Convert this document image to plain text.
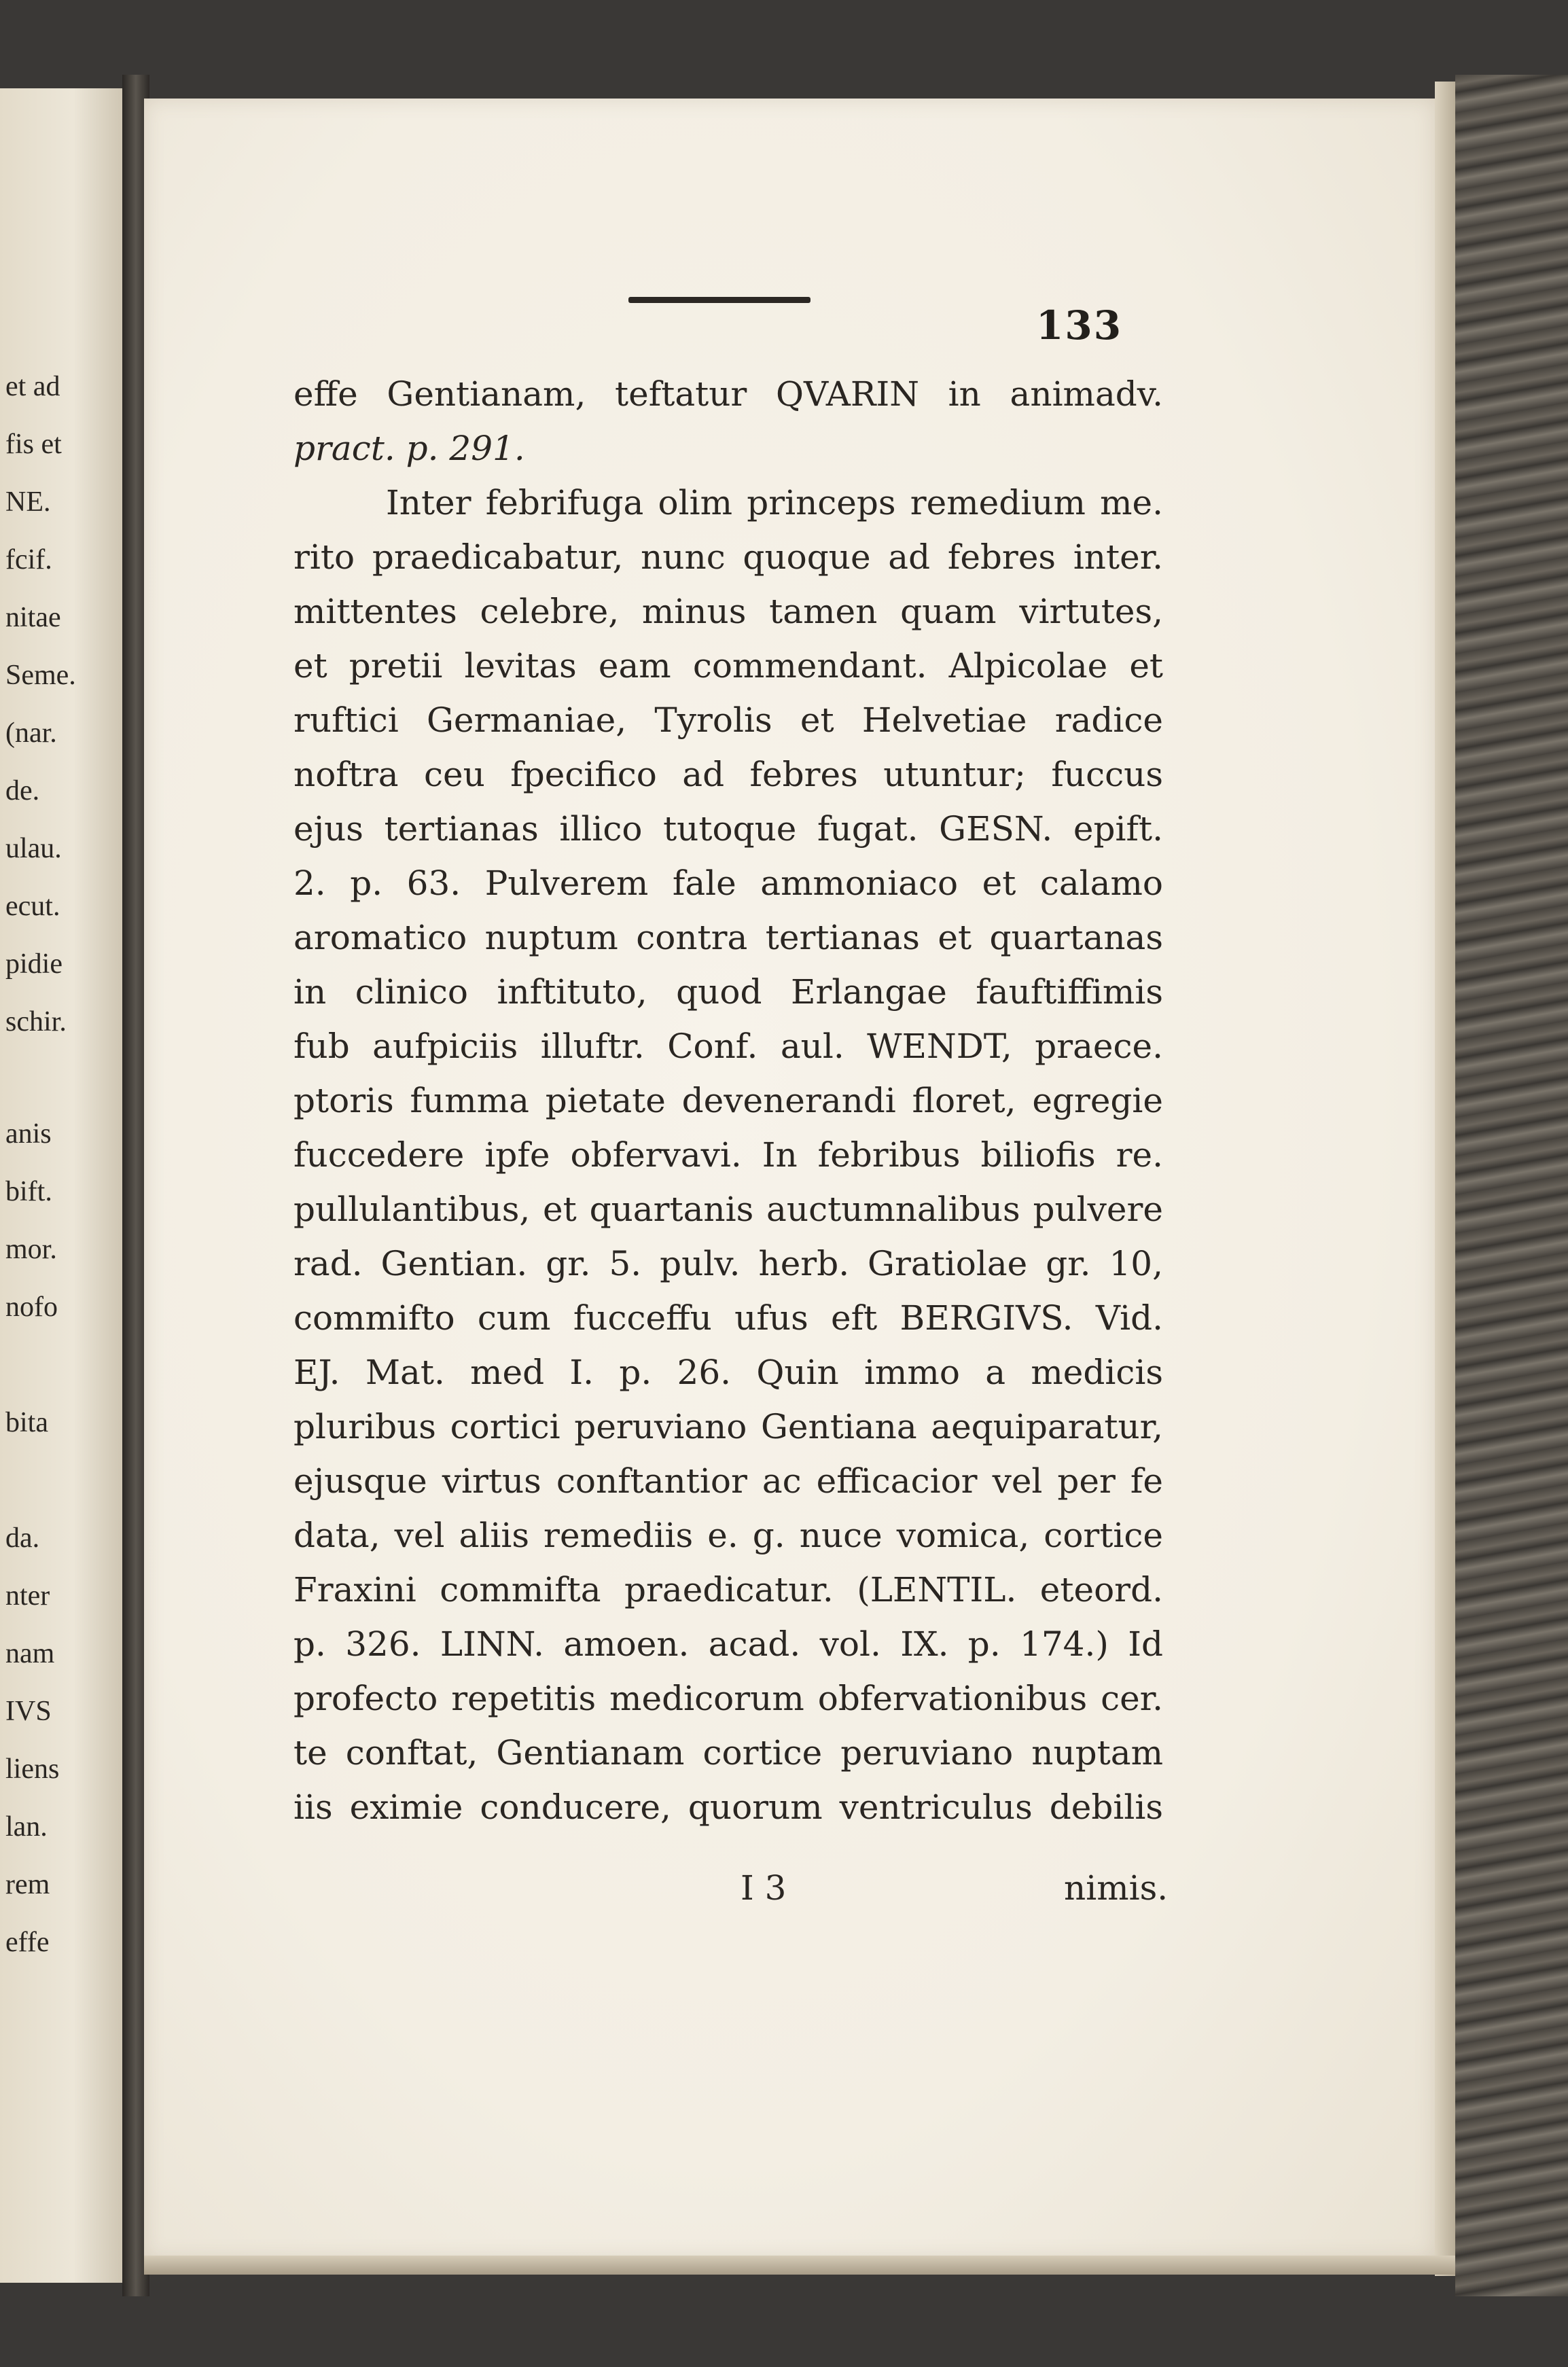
et ad
fis et
NE.
fcif.
nitae
Seme.
(nar.
de.
ulau.
ecut.
pidie
schir.
anis
bift.
mor.
nofo
bita
da.
nter
nam
IVS
liens
lan.
rem
effe
133

effe Gentianam, teftatur QVARIN in animadv.

pract. p. 291.

Inter febrifuga olim princeps remedium me.

rito praedicabatur, nunc quoque ad febres inter.

mittentes celebre, minus tamen quam virtutes,

et pretii levitas eam commendant. Alpicolae et

ruftici Germaniae, Tyrolis et Helvetiae radice

noftra ceu fpecifico ad febres utuntur; fuccus

ejus tertianas illico tutoque fugat. GESN. epift.

2. p. 63. Pulverem fale ammoniaco et calamo

aromatico nuptum contra tertianas et quartanas

in clinico inftituto, quod Erlangae fauftiffimis

fub aufpiciis illuftr. Conf. aul. WENDT, praece.

ptoris fumma pietate devenerandi floret, egregie

fuccedere ipfe obfervavi. In febribus biliofis re.

pullulantibus, et quartanis auctumnalibus pulvere

rad. Gentian. gr. 5. pulv. herb. Gratiolae gr. 10,

commifto cum fucceffu ufus eft BERGIVS. Vid.

EJ. Mat. med I. p. 26. Quin immo a medicis

pluribus cortici peruviano Gentiana aequiparatur,

ejusque virtus conftantior ac efficacior vel per fe

data, vel aliis remediis e. g. nuce vomica, cortice

Fraxini commifta praedicatur. (LENTIL. eteord.

p. 326. LINN. amoen. acad. vol. IX. p. 174.) Id

profecto repetitis medicorum obfervationibus cer.

te conftat, Gentianam cortice peruviano nuptam

iis eximie conducere, quorum ventriculus debilis

I 3	nimis.
